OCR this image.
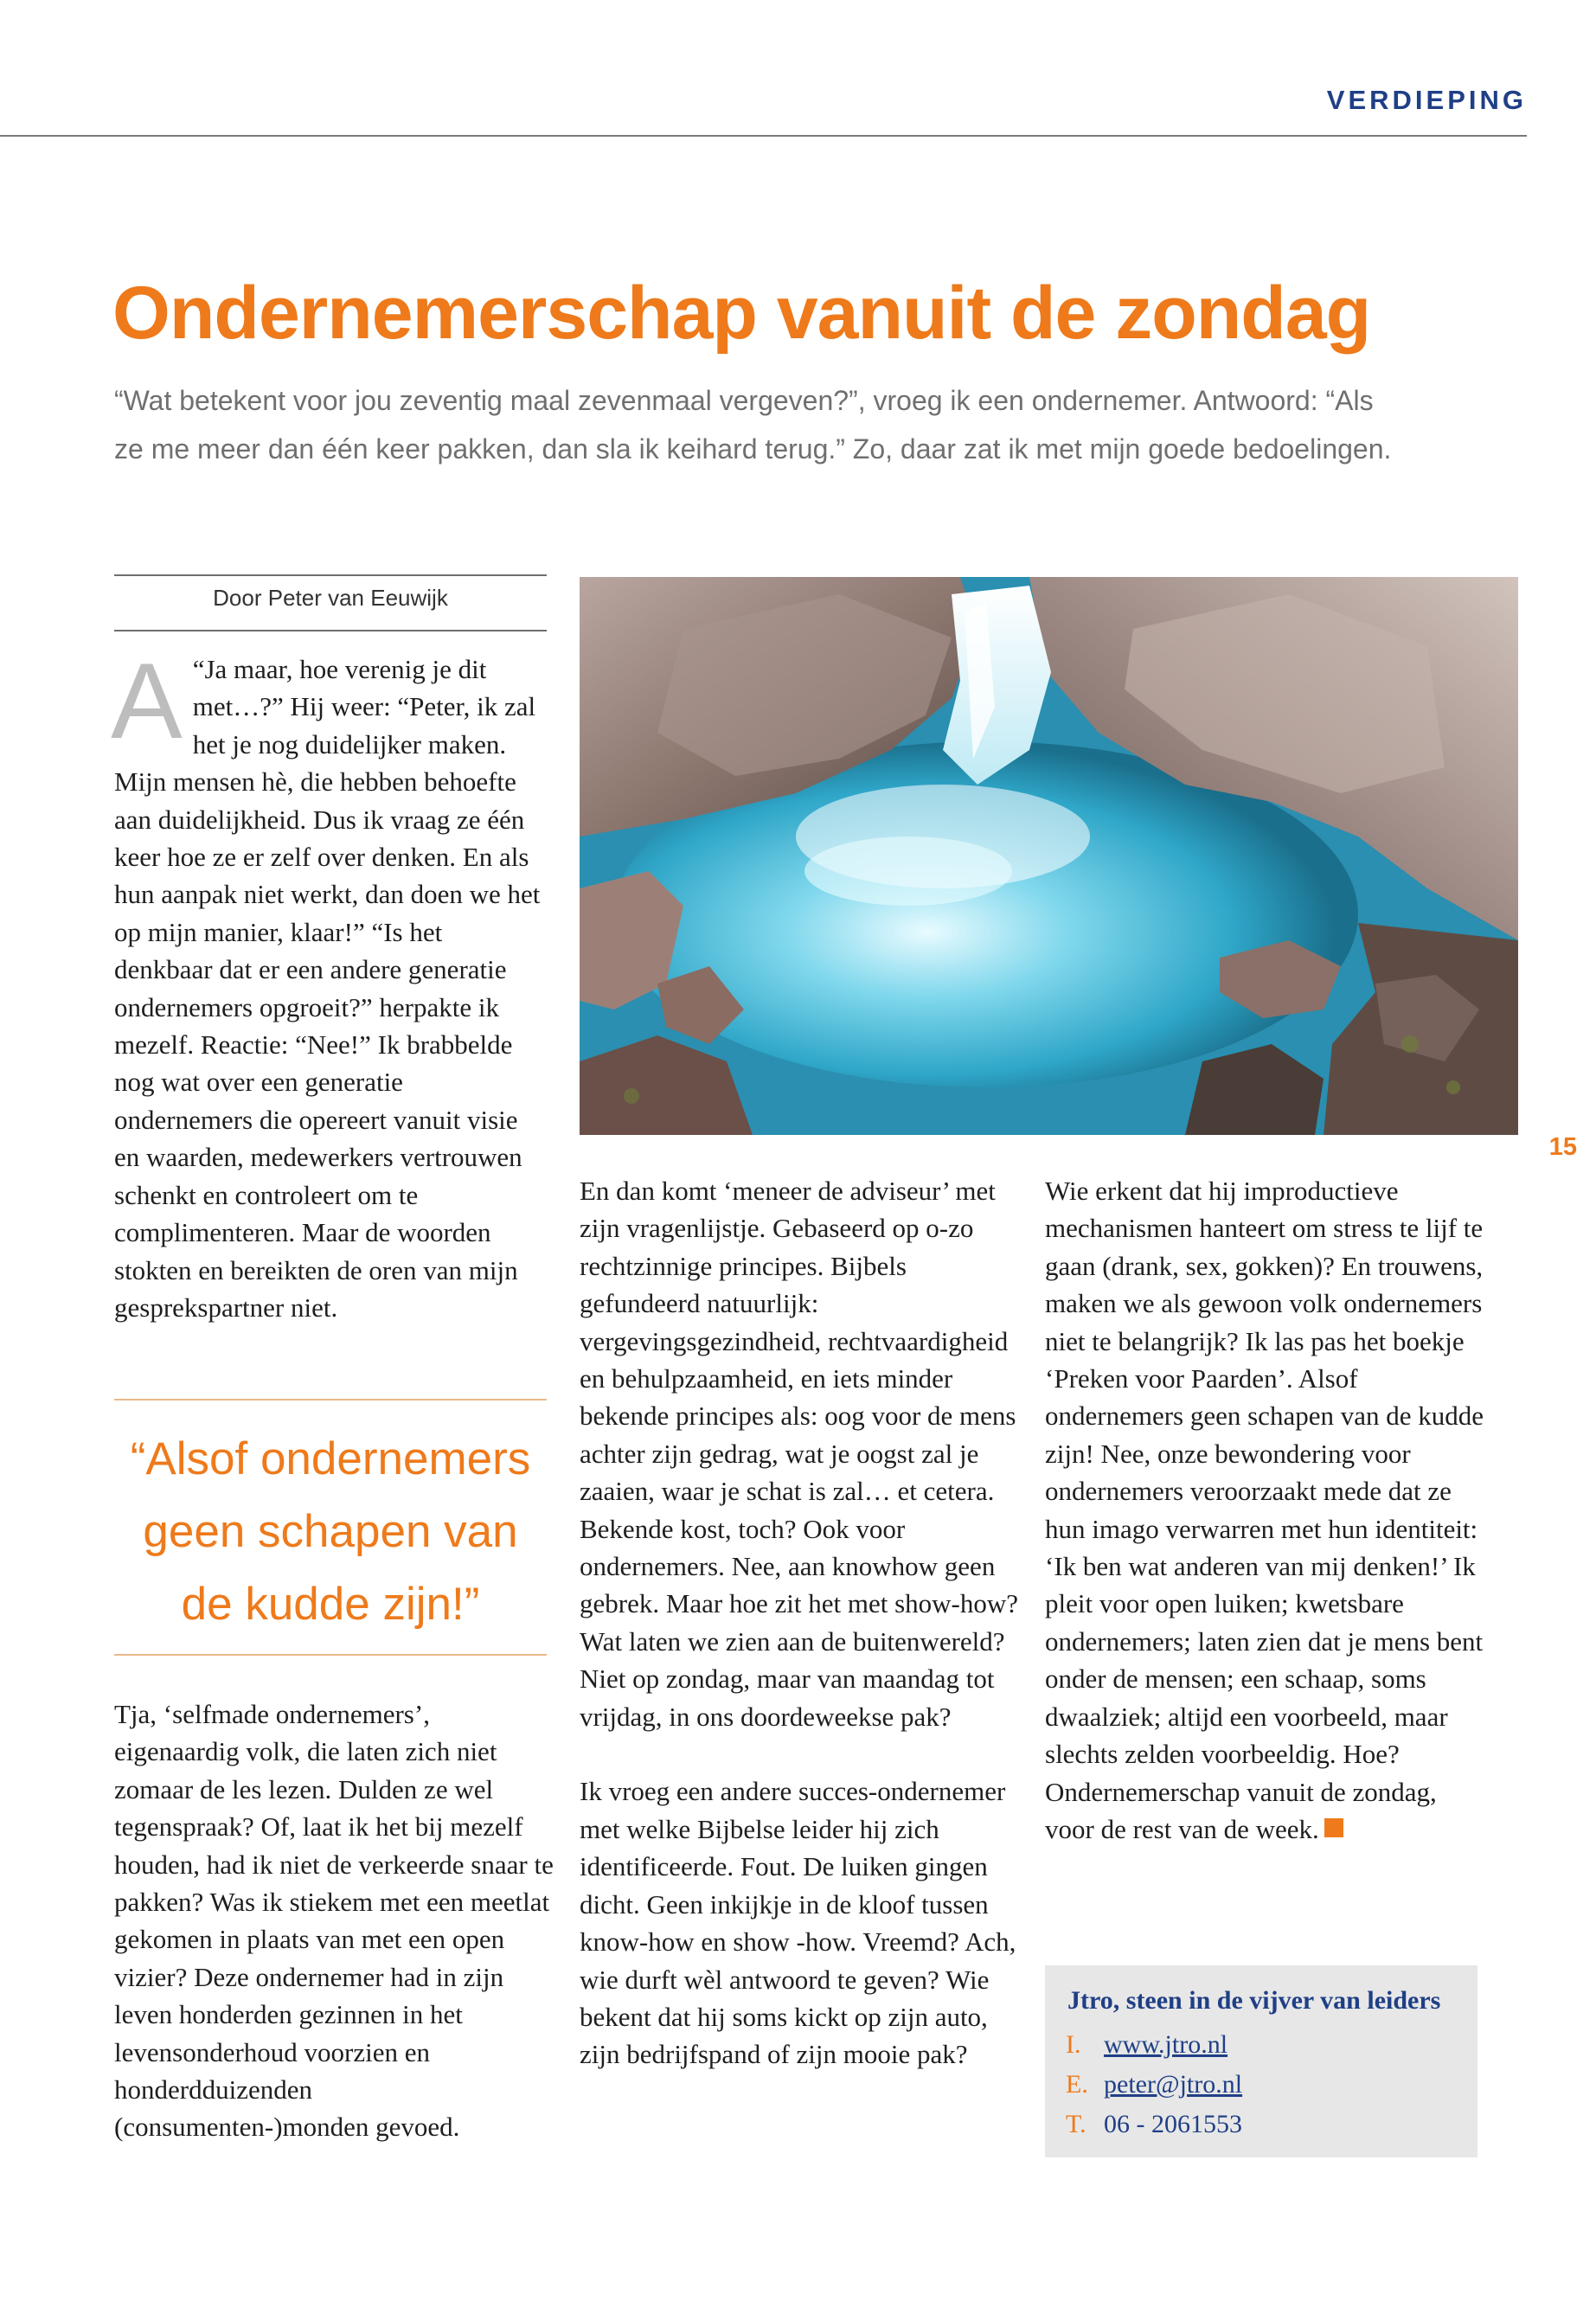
VERDIEPING
Ondernemerschap vanuit de zondag

“Wat betekent voor jou zeventig maal zevenmaal vergeven?”, vroeg ik een ondernemer. Antwoord: “Als ze me meer dan één keer pakken, dan sla ik keihard terug.” Zo, daar zat ik met mijn goede bedoelingen.

Door Peter van Eeuwijk
A “Ja maar, hoe verenig je dit met…?” Hij weer: “Peter, ik zal het je nog duidelijker maken. Mijn mensen hè, die hebben behoefte aan duidelijkheid. Dus ik vraag ze één keer hoe ze er zelf over denken. En als hun aanpak niet werkt, dan doen we het op mijn manier, klaar!” “Is het denkbaar dat er een andere generatie ondernemers opgroeit?” herpakte ik mezelf. Reactie: “Nee!” Ik brabbelde nog wat over een generatie ondernemers die opereert vanuit visie en waarden, medewerkers vertrouwen schenkt en controleert om te complimenteren. Maar de woorden stokten en bereikten de oren van mijn gesprekspartner niet.

“Alsof ondernemers geen schapen van de kudde zijn!”

Tja, ‘selfmade ondernemers’, eigenaardig volk, die laten zich niet zomaar de les lezen. Dulden ze wel tegenspraak? Of, laat ik het bij mezelf houden, had ik niet de verkeerde snaar te pakken? Was ik stiekem met een meetlat gekomen in plaats van met een open vizier? Deze ondernemer had in zijn leven honderden gezinnen in het levensonderhoud voorzien en honderdduizenden (consumenten-)monden gevoed.

15

En dan komt ‘meneer de adviseur’ met zijn vragenlijstje. Gebaseerd op o-zo rechtzinnige principes. Bijbels gefundeerd natuurlijk: vergevingsgezindheid, rechtvaardigheid en behulpzaamheid, en iets minder bekende principes als: oog voor de mens achter zijn gedrag, wat je oogst zal je zaaien, waar je schat is zal… et cetera. Bekende kost, toch? Ook voor ondernemers. Nee, aan knowhow geen gebrek. Maar hoe zit het met show-how? Wat laten we zien aan de buitenwereld? Niet op zondag, maar van maandag tot vrijdag, in ons doordeweekse pak?

Ik vroeg een andere succes-ondernemer met welke Bijbelse leider hij zich identificeerde. Fout. De luiken gingen dicht. Geen inkijkje in de kloof tussen know-how en show -how. Vreemd? Ach, wie durft wèl antwoord te geven? Wie bekent dat hij soms kickt op zijn auto, zijn bedrijfspand of zijn mooie pak?

Wie erkent dat hij improductieve mechanismen hanteert om stress te lijf te gaan (drank, sex, gokken)? En trouwens, maken we als gewoon volk ondernemers niet te belangrijk? Ik las pas het boekje ‘Preken voor Paarden’. Alsof ondernemers geen schapen van de kudde zijn! Nee, onze bewondering voor ondernemers veroorzaakt mede dat ze hun imago verwarren met hun identiteit: ‘Ik ben wat anderen van mij denken!’ Ik pleit voor open luiken; kwetsbare ondernemers; laten zien dat je mens bent onder de mensen; een schaap, soms dwaalziek; altijd een voorbeeld, maar slechts zelden voorbeeldig. Hoe? Ondernemerschap vanuit de zondag, voor de rest van de week.

Jtro, steen in de vijver van leiders

I. www.jtro.nl
E. peter@jtro.nl
T. 06 - 2061553
